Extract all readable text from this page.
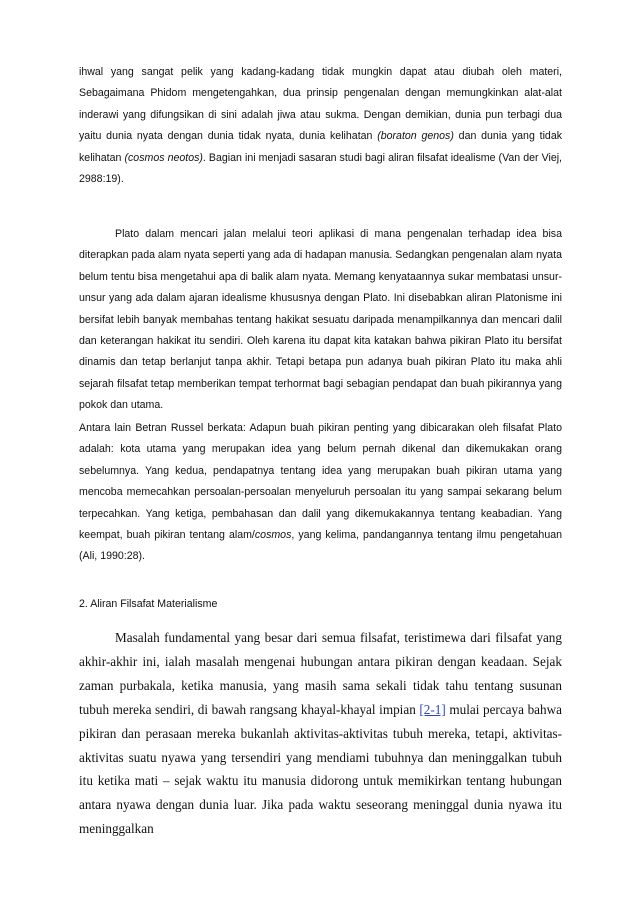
ihwal yang sangat pelik yang kadang-kadang tidak mungkin dapat atau diubah oleh materi, Sebagaimana Phidom mengetengahkan, dua prinsip pengenalan dengan memungkinkan alat-alat inderawi yang difungsikan di sini adalah jiwa atau sukma. Dengan demikian, dunia pun terbagi dua yaitu dunia nyata dengan dunia tidak nyata, dunia kelihatan (boraton genos) dan dunia yang tidak kelihatan (cosmos neotos). Bagian ini menjadi sasaran studi bagi aliran filsafat idealisme (Van der Viej, 2988:19).

Plato dalam mencari jalan melalui teori aplikasi di mana pengenalan terhadap idea bisa diterapkan pada alam nyata seperti yang ada di hadapan manusia. Sedangkan pengenalan alam nyata belum tentu bisa mengetahui apa di balik alam nyata. Memang kenyataannya sukar membatasi unsur-unsur yang ada dalam ajaran idealisme khususnya dengan Plato. Ini disebabkan aliran Platonisme ini bersifat lebih banyak membahas tentang hakikat sesuatu daripada menampilkannya dan mencari dalil dan keterangan hakikat itu sendiri. Oleh karena itu dapat kita katakan bahwa pikiran Plato itu bersifat dinamis dan tetap berlanjut tanpa akhir. Tetapi betapa pun adanya buah pikiran Plato itu maka ahli sejarah filsafat tetap memberikan tempat terhormat bagi sebagian pendapat dan buah pikirannya yang pokok dan utama.

Antara lain Betran Russel berkata: Adapun buah pikiran penting yang dibicarakan oleh filsafat Plato adalah: kota utama yang merupakan idea yang belum pernah dikenal dan dikemukakan orang sebelumnya. Yang kedua, pendapatnya tentang idea yang merupakan buah pikiran utama yang mencoba memecahkan persoalan-persoalan menyeluruh persoalan itu yang sampai sekarang belum terpecahkan. Yang ketiga, pembahasan dan dalil yang dikemukakannya tentang keabadian. Yang keempat, buah pikiran tentang alam/cosmos, yang kelima, pandangannya tentang ilmu pengetahuan (Ali, 1990:28).

2. Aliran Filsafat Materialisme

Masalah fundamental yang besar dari semua filsafat, teristimewa dari filsafat yang akhir-akhir ini, ialah masalah mengenai hubungan antara pikiran dengan keadaan. Sejak zaman purbakala, ketika manusia, yang masih sama sekali tidak tahu tentang susunan tubuh mereka sendiri, di bawah rangsang khayal-khayal impian [2-1] mulai percaya bahwa pikiran dan perasaan mereka bukanlah aktivitas-aktivitas tubuh mereka, tetapi, aktivitas-aktivitas suatu nyawa yang tersendiri yang mendiami tubuhnya dan meninggalkan tubuh itu ketika mati – sejak waktu itu manusia didorong untuk memikirkan tentang hubungan antara nyawa dengan dunia luar. Jika pada waktu seseorang meninggal dunia nyawa itu meninggalkan
